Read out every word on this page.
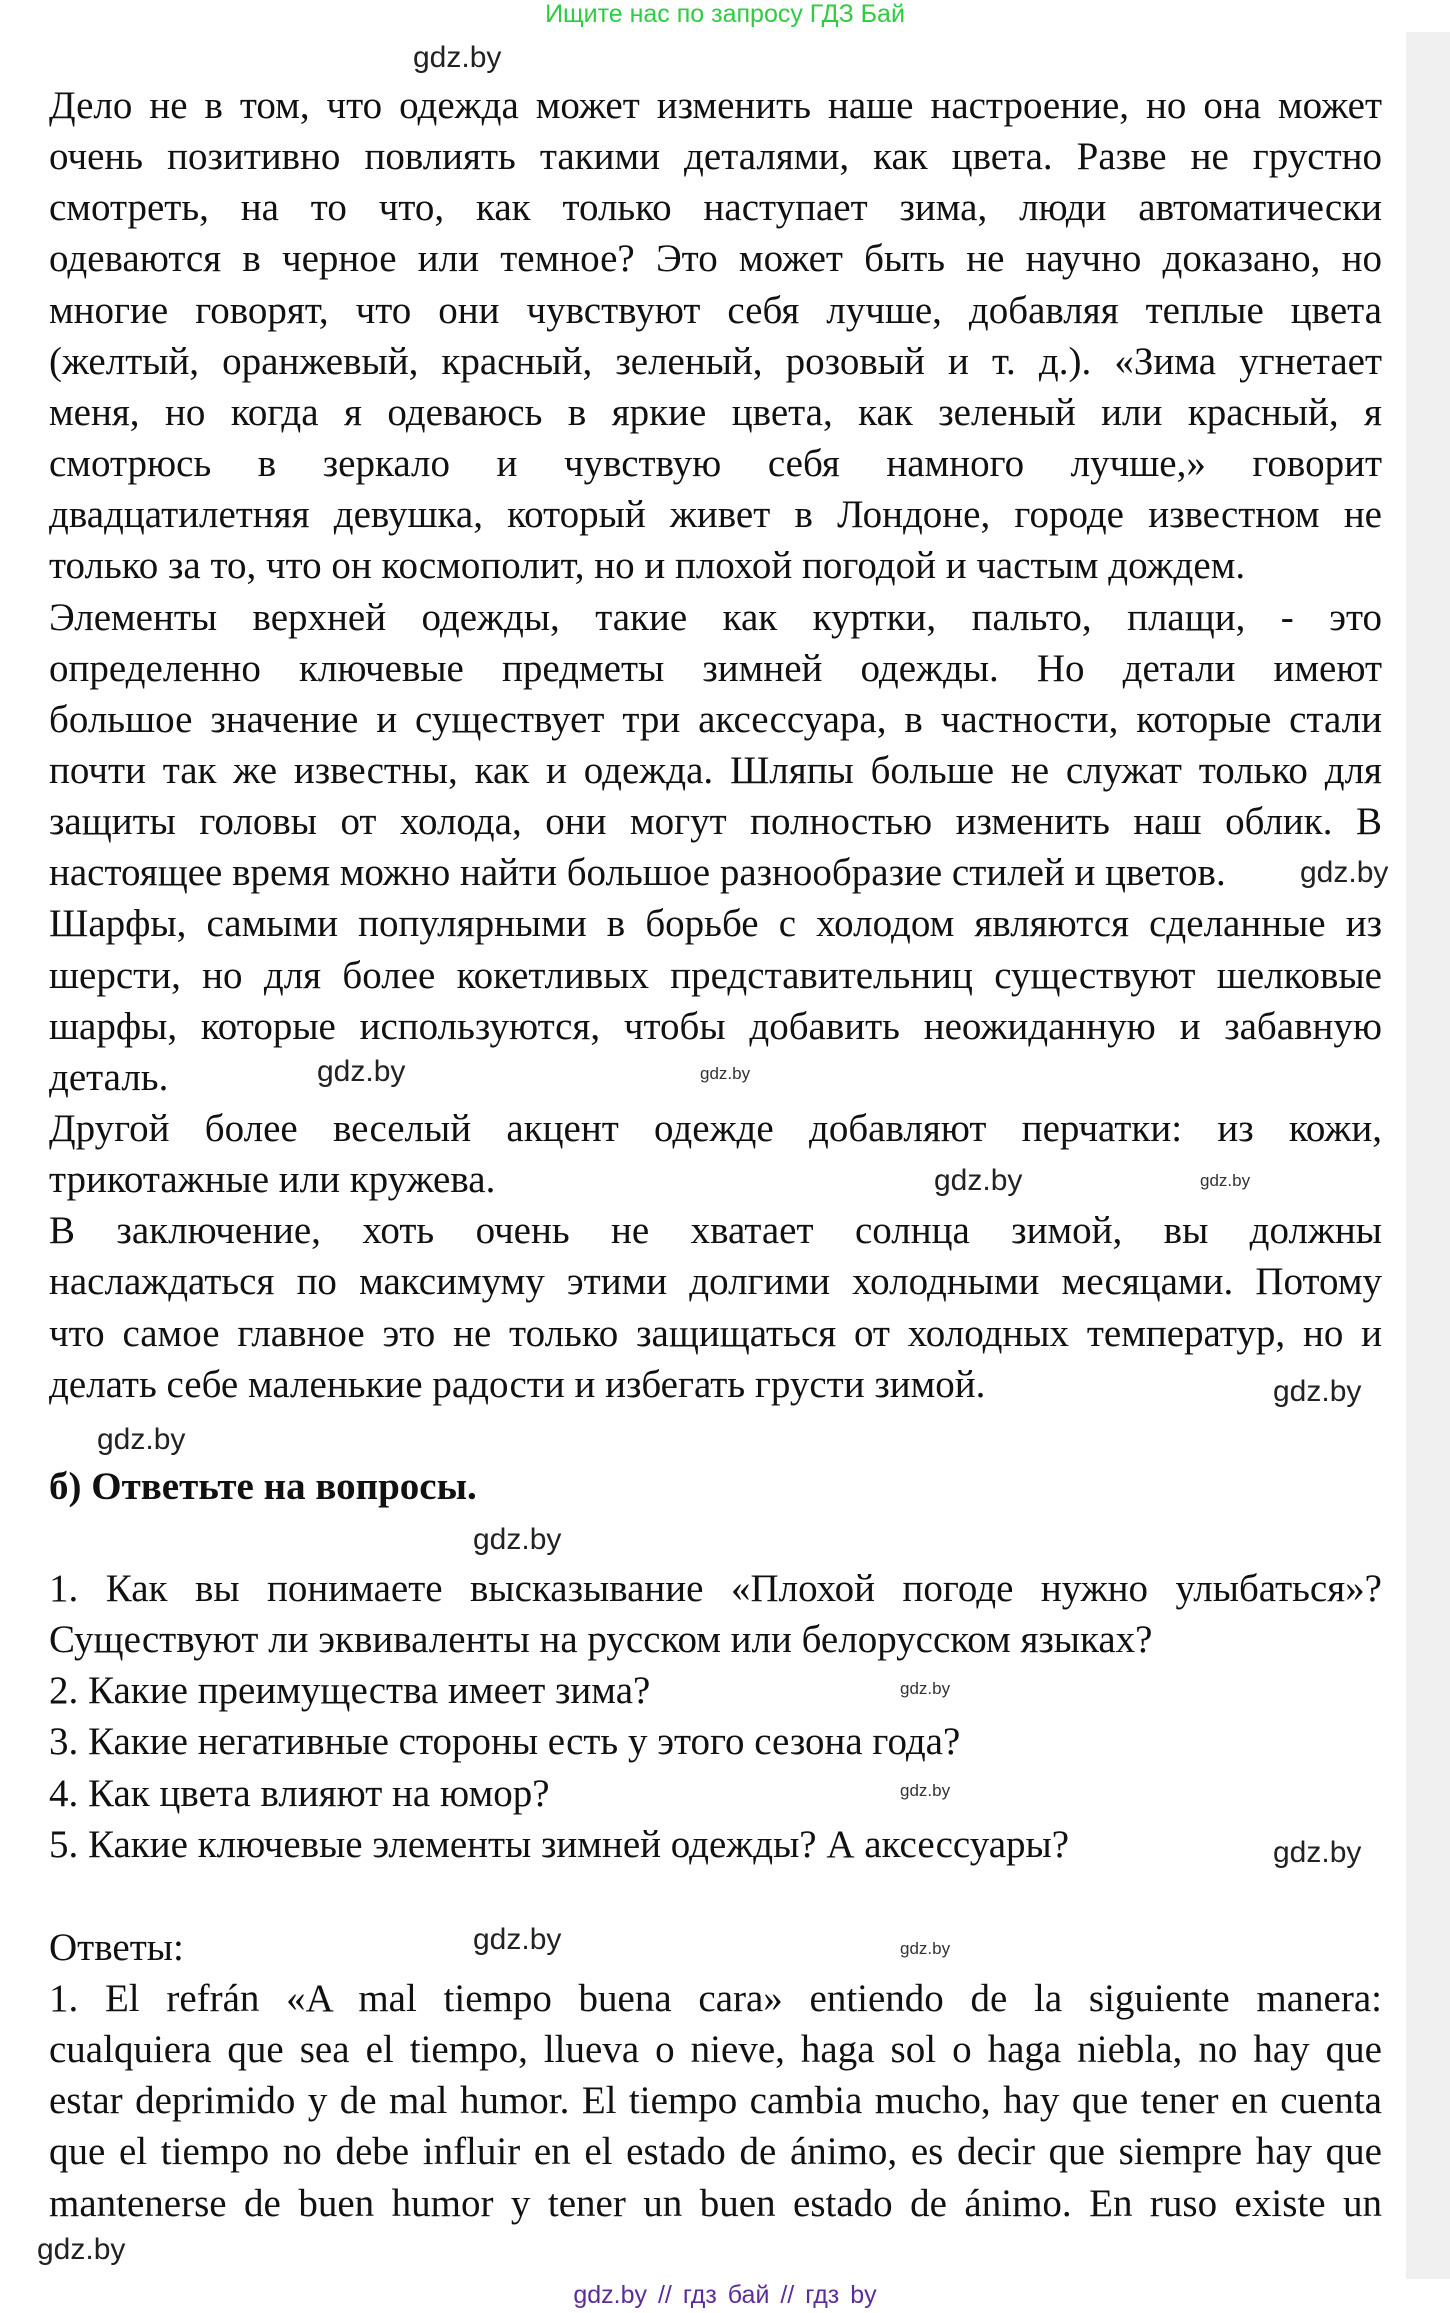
Ищите нас по запросу ГДЗ Бай
Дело не в том, что одежда может изменить наше настроение, но она может
очень позитивно повлиять такими деталями, как цвета. Разве не грустно
смотреть, на то что, как только наступает зима, люди автоматически
одеваются в черное или темное? Это может быть не научно доказано, но
многие говорят, что они чувствуют себя лучше, добавляя теплые цвета
(желтый, оранжевый, красный, зеленый, розовый и т. д.). «Зима угнетает
меня, но когда я одеваюсь в яркие цвета, как зеленый или красный, я
смотрюсь в зеркало и чувствую себя намного лучше,» говорит
двадцатилетняя девушка, который живет в Лондоне, городе известном не
только за то, что он космополит, но и плохой погодой и частым дождем.
Элементы верхней одежды, такие как куртки, пальто, плащи, - это
определенно ключевые предметы зимней одежды. Но детали имеют
большое значение и существует три аксессуара, в частности, которые стали
почти так же известны, как и одежда. Шляпы больше не служат только для
защиты головы от холода, они могут полностью изменить наш облик. В
настоящее время можно найти большое разнообразие стилей и цветов.
Шарфы, самыми популярными в борьбе с холодом являются сделанные из
шерсти, но для более кокетливых представительниц существуют шелковые
шарфы, которые используются, чтобы добавить неожиданную и забавную
деталь.
Другой более веселый акцент одежде добавляют перчатки: из кожи,
трикотажные или кружева.
В заключение, хоть очень не хватает солнца зимой, вы должны
наслаждаться по максимуму этими долгими холодными месяцами. Потому
что самое главное это не только защищаться от холодных температур, но и
делать себе маленькие радости и избегать грусти зимой.
б) Ответьте на вопросы.
1. Как вы понимаете высказывание «Плохой погоде нужно улыбаться»?
Существуют ли эквиваленты на русском или белорусском языках?
2. Какие преимущества имеет зима?
3. Какие негативные стороны есть у этого сезона года?
4. Как цвета влияют на юмор?
5. Какие ключевые элементы зимней одежды? А аксессуары?
Ответы:
1. El refrán «A mal tiempo buena cara» entiendo de la siguiente manera:
cualquiera que sea el tiempo, llueva o nieve, haga sol o haga niebla, no hay que
estar deprimido y de mal humor. El tiempo cambia mucho, hay que tener en cuenta
que el tiempo no debe influir en el estado de ánimo, es decir que siempre hay que
mantenerse de buen humor y tener un buen estado de ánimo. En ruso existe un
gdz.by
gdz.by
gdz.by
gdz.by
gdz.by
gdz.by
gdz.by
gdz.by
gdz.by
gdz.by
gdz.by
gdz.by
gdz.by
gdz.by
gdz.by
gdz.by // гдз бай // гдз by
